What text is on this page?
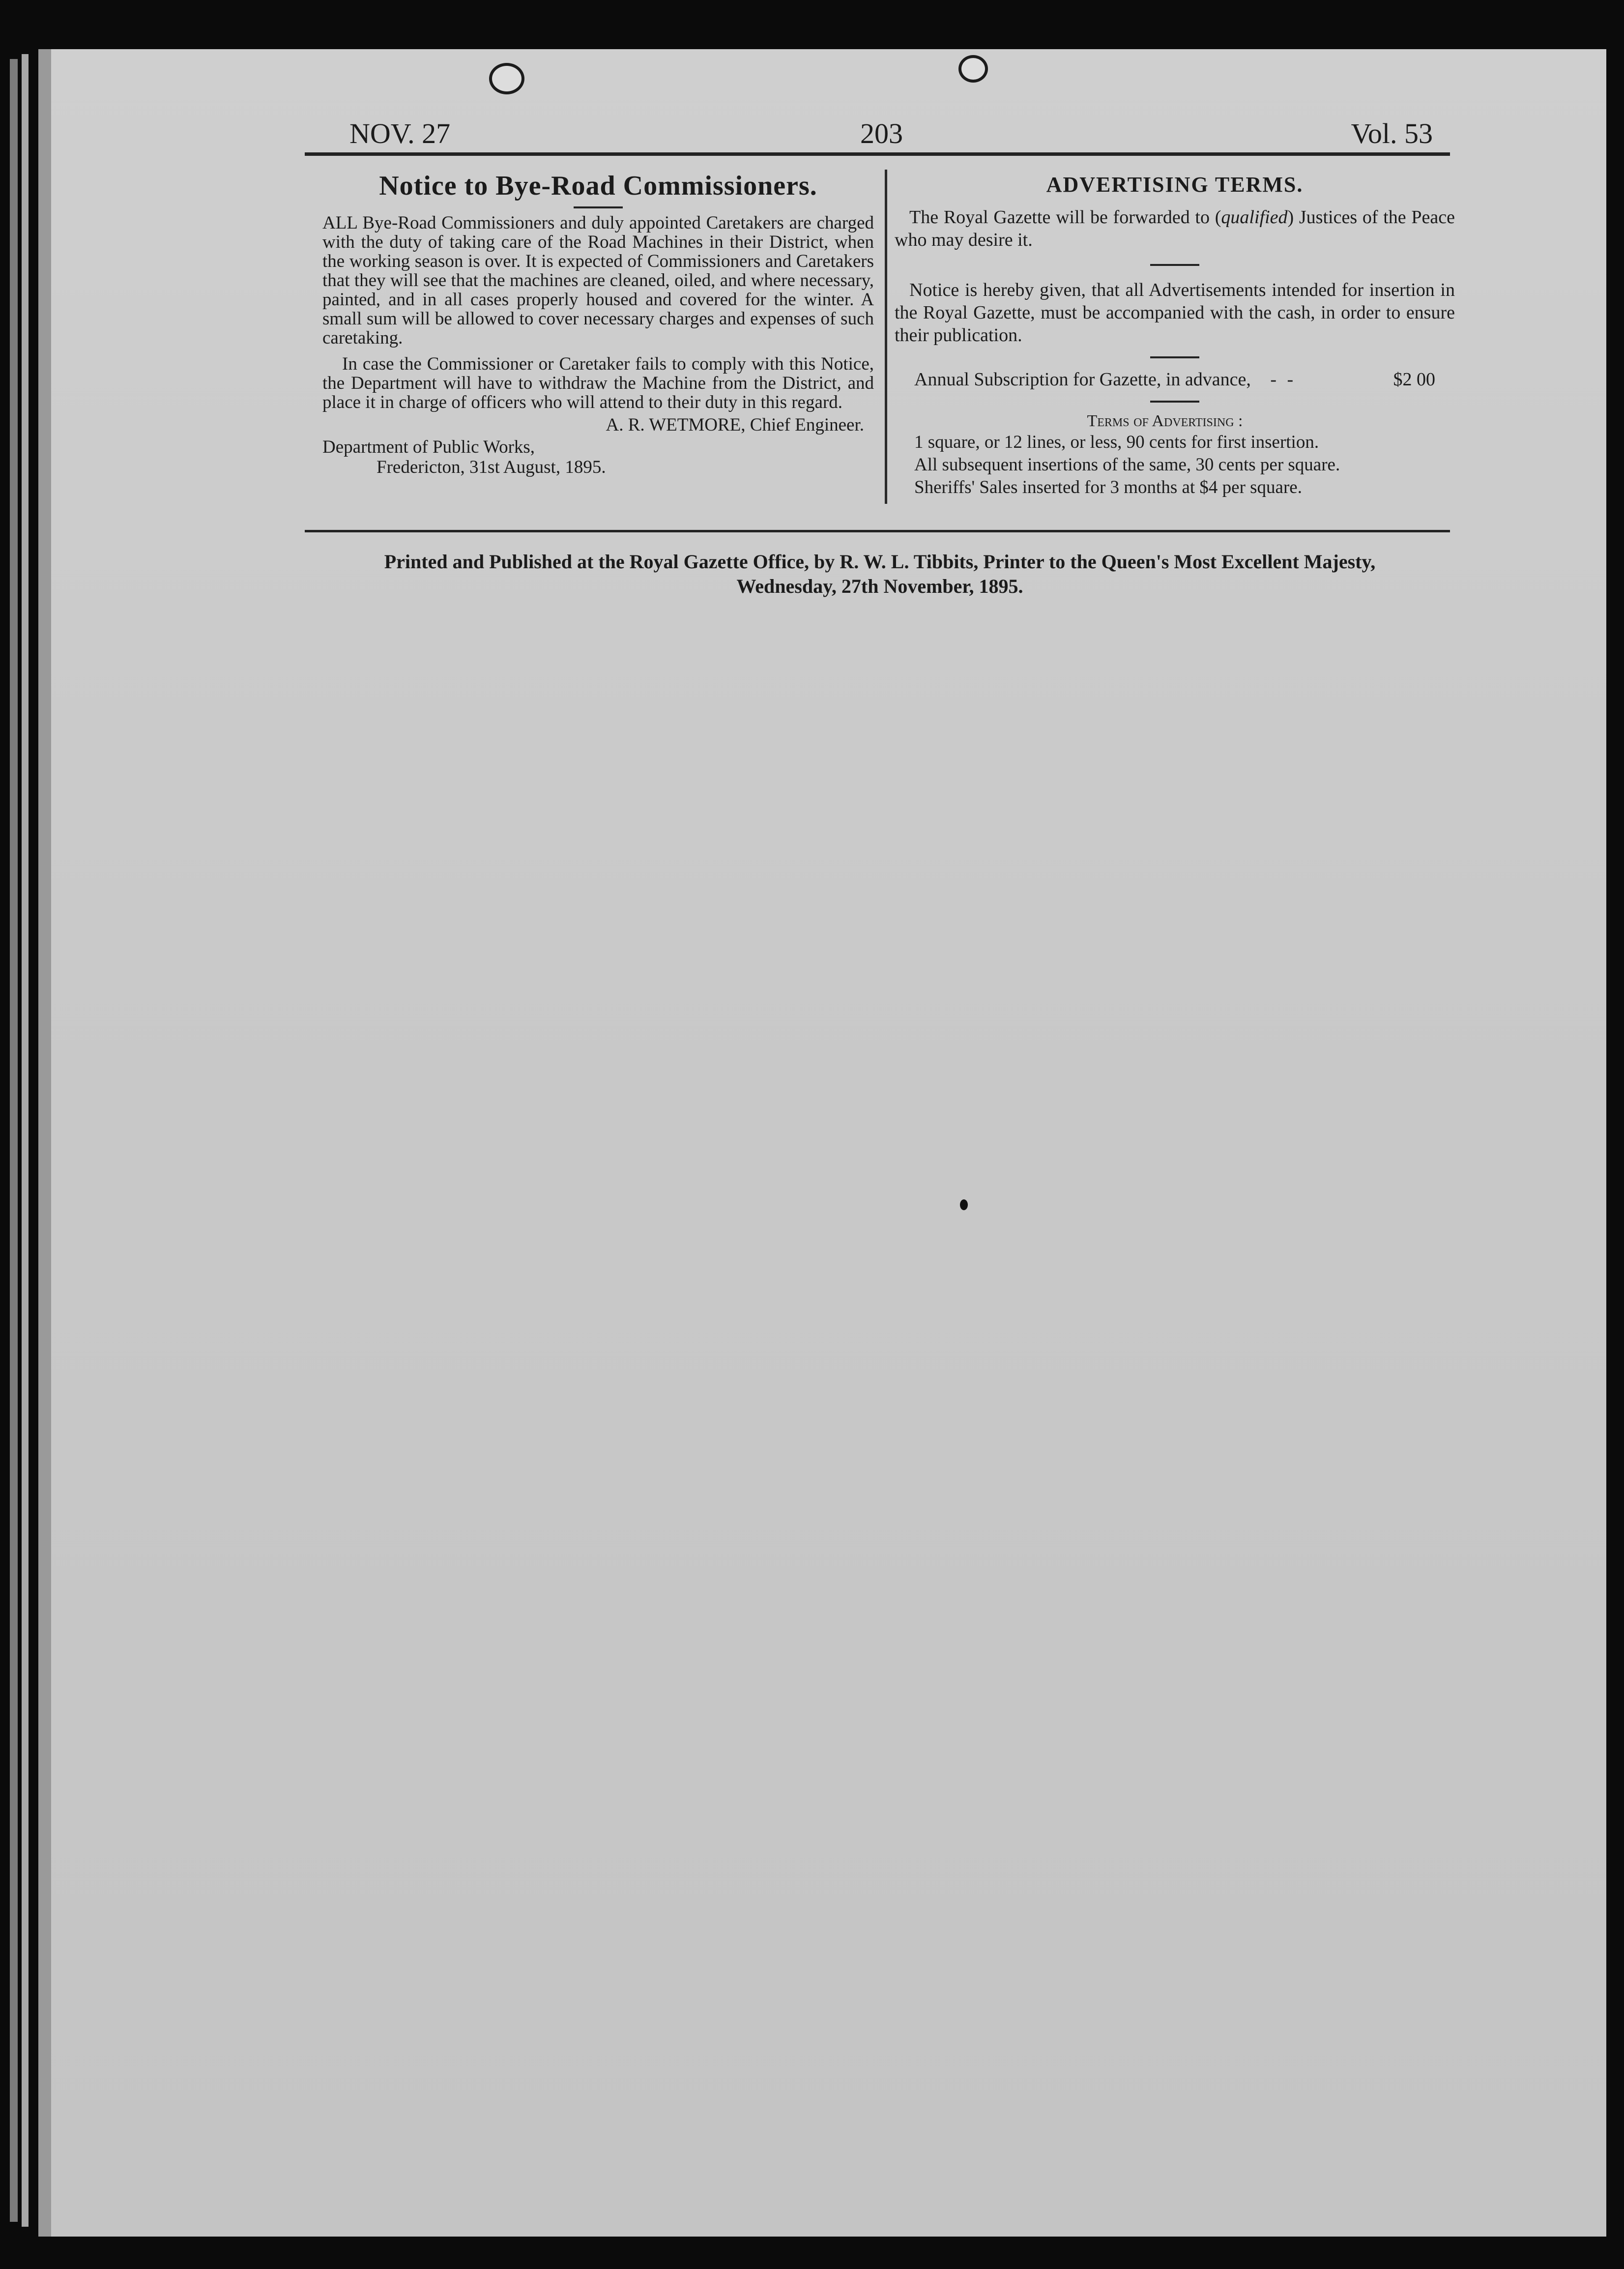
NOV. 27	203	Vol. 53
Notice to Bye-Road Commissioners.

ALL Bye-Road Commissioners and duly appointed Caretakers are charged with the duty of taking care of the Road Machines in their District, when the working season is over. It is expected of Commissioners and Caretakers that they will see that the machines are cleaned, oiled, and where necessary, painted, and in all cases properly housed and covered for the winter. A small sum will be allowed to cover necessary charges and expenses of such caretaking.

In case the Commissioner or Caretaker fails to comply with this Notice, the Department will have to withdraw the Machine from the District, and place it in charge of officers who will attend to their duty in this regard.

A. R. WETMORE, Chief Engineer.

Department of Public Works,

Fredericton, 31st August, 1895.

ADVERTISING TERMS.

The Royal Gazette will be forwarded to (qualified) Justices of the Peace who may desire it.

Notice is hereby given, that all Advertisements intended for insertion in the Royal Gazette, must be accompanied with the cash, in order to ensure their publication.

Annual Subscription for Gazette, in advance, - -	$2 00

Terms of Advertising :

1 square, or 12 lines, or less, 90 cents for first insertion.

All subsequent insertions of the same, 30 cents per square.

Sheriffs' Sales inserted for 3 months at $4 per square.

Printed and Published at the Royal Gazette Office, by R. W. L. Tibbits, Printer to the Queen's Most Excellent Majesty,
Wednesday, 27th November, 1895.
